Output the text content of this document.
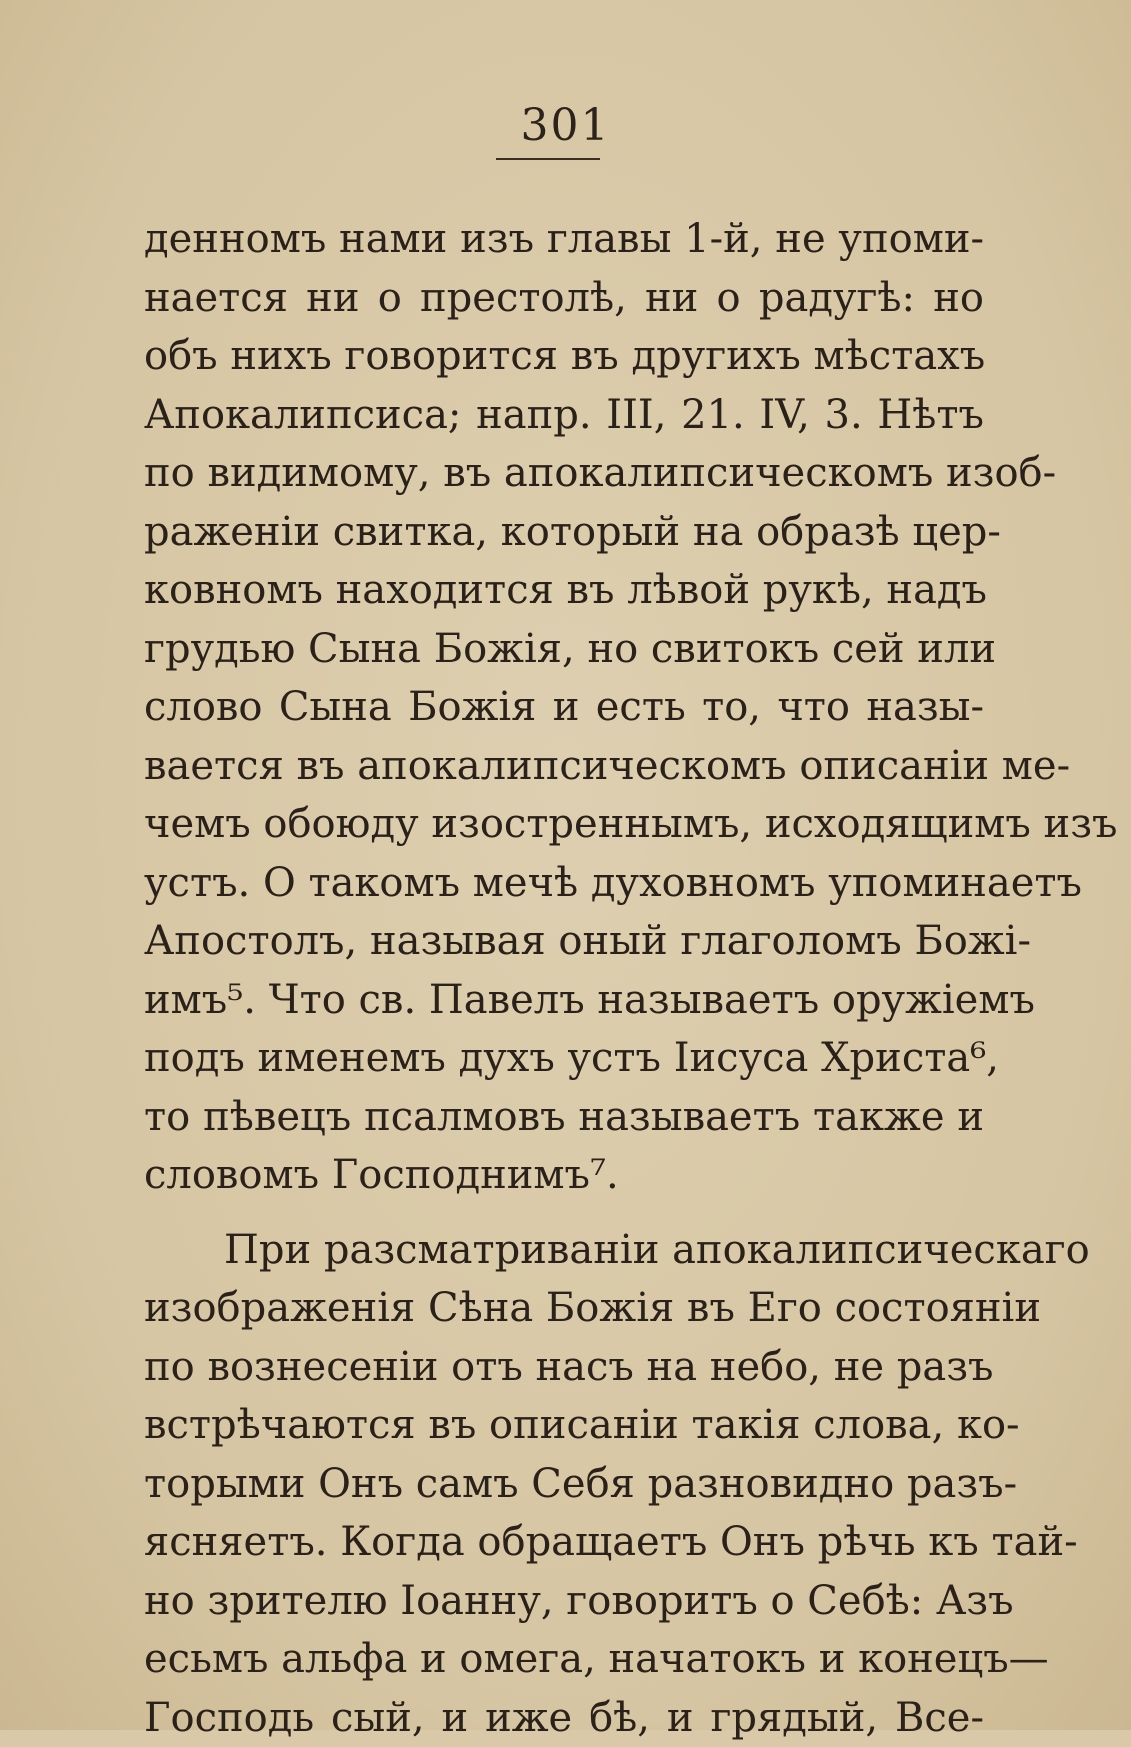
301
денномъ нами изъ главы 1-й, не упоми-
нается ни о престолѣ, ни о радугѣ: но
объ нихъ говорится въ другихъ мѣстахъ
Апокалипсиса; напр. III, 21. IV, 3. Нѣтъ
по видимому, въ апокалипсическомъ изоб-
раженіи свитка, который на образѣ цер-
ковномъ находится въ лѣвой рукѣ, надъ
грудью Сына Божія, но свитокъ сей или
слово Сына Божія и есть то, что назы-
вается въ апокалипсическомъ описаніи ме-
чемъ обоюду изостреннымъ, исходящимъ изъ
устъ. О такомъ мечѣ духовномъ упоминаетъ
Апостолъ, называя оный глаголомъ Божі-
имъ⁵. Что св. Павелъ называетъ оружіемъ
подъ именемъ духъ устъ Іисуса Христа⁶,
то пѣвецъ псалмовъ называетъ также и
словомъ Господнимъ⁷.
При разсматриваніи апокалипсическаго
изображенія Сѣна Божія въ Его состояніи
по вознесеніи отъ насъ на небо, не разъ
встрѣчаются въ описаніи такія слова, ко-
торыми Онъ самъ Себя разновидно разъ-
ясняетъ. Когда обращаетъ Онъ рѣчь къ тай-
но зрителю Іоанну, говоритъ о Себѣ: Азъ
есьмъ альфа и омега, начатокъ и конецъ—
Господь сый, и иже бѣ, и грядый, Все-
